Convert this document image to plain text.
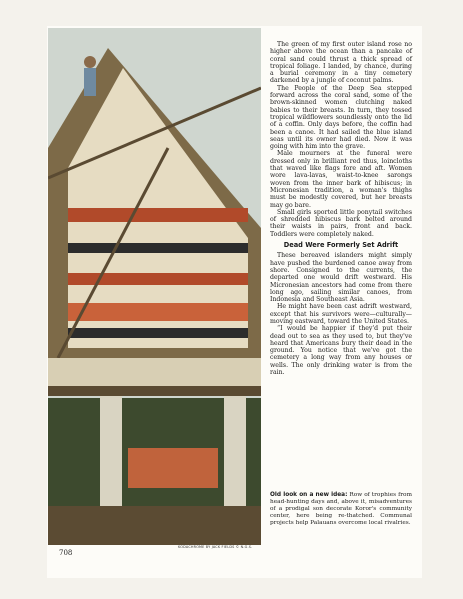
The green of my first outer island rose no higher above the ocean than a pancake of coral sand could thrust a thick spread of tropical foliage. I landed, by chance, during a burial ceremony in a tiny cemetery darkened by a jungle of coconut palms.

The People of the Deep Sea stepped forward across the coral sand, some of the brown-skinned women clutching naked babies to their breasts. In turn, they tossed tropical wildflowers soundlessly onto the lid of a coffin. Only days before, the coffin had been a canoe. It had sailed the blue island seas until its owner had died. Now it was going with him into the grave.

Male mourners at the funeral were dressed only in brilliant red thus, loincloths that waved like flags fore and aft. Women wore lava-lavas, waist-to-knee sarongs woven from the inner bark of hibiscus; in Micronesian tradition, a woman's thighs must be modestly covered, but her breasts may go bare.

Small girls sported little ponytail switches of shredded hibiscus bark belted around their waists in pairs, front and back. Toddlers were completely naked.

Dead Were Formerly Set Adrift

These bereaved islanders might simply have pushed the burdened canoe away from shore. Consigned to the currents, the departed one would drift westward. His Micronesian ancestors had come from there long ago, sailing similar canoes, from Indonesia and Southeast Asia.

He might have been cast adrift westward, except that his survivors were—culturally—moving eastward, toward the United States.

“I would be happier if they'd put their dead out to sea as they used to, but they've heard that Americans bury their dead in the ground. You notice that we've got the cemetery a long way from any houses or wells. The only drinking water is from the rain.

Old look on a new idea: Row of trophies from head-hunting days and, above it, misadventures of a prodigal son decorate Koror's community center, here being re-thatched. Communal projects help Palauans overcome local rivalries.
KODACHROME BY JACK FIELDS © N.G.S.
708
